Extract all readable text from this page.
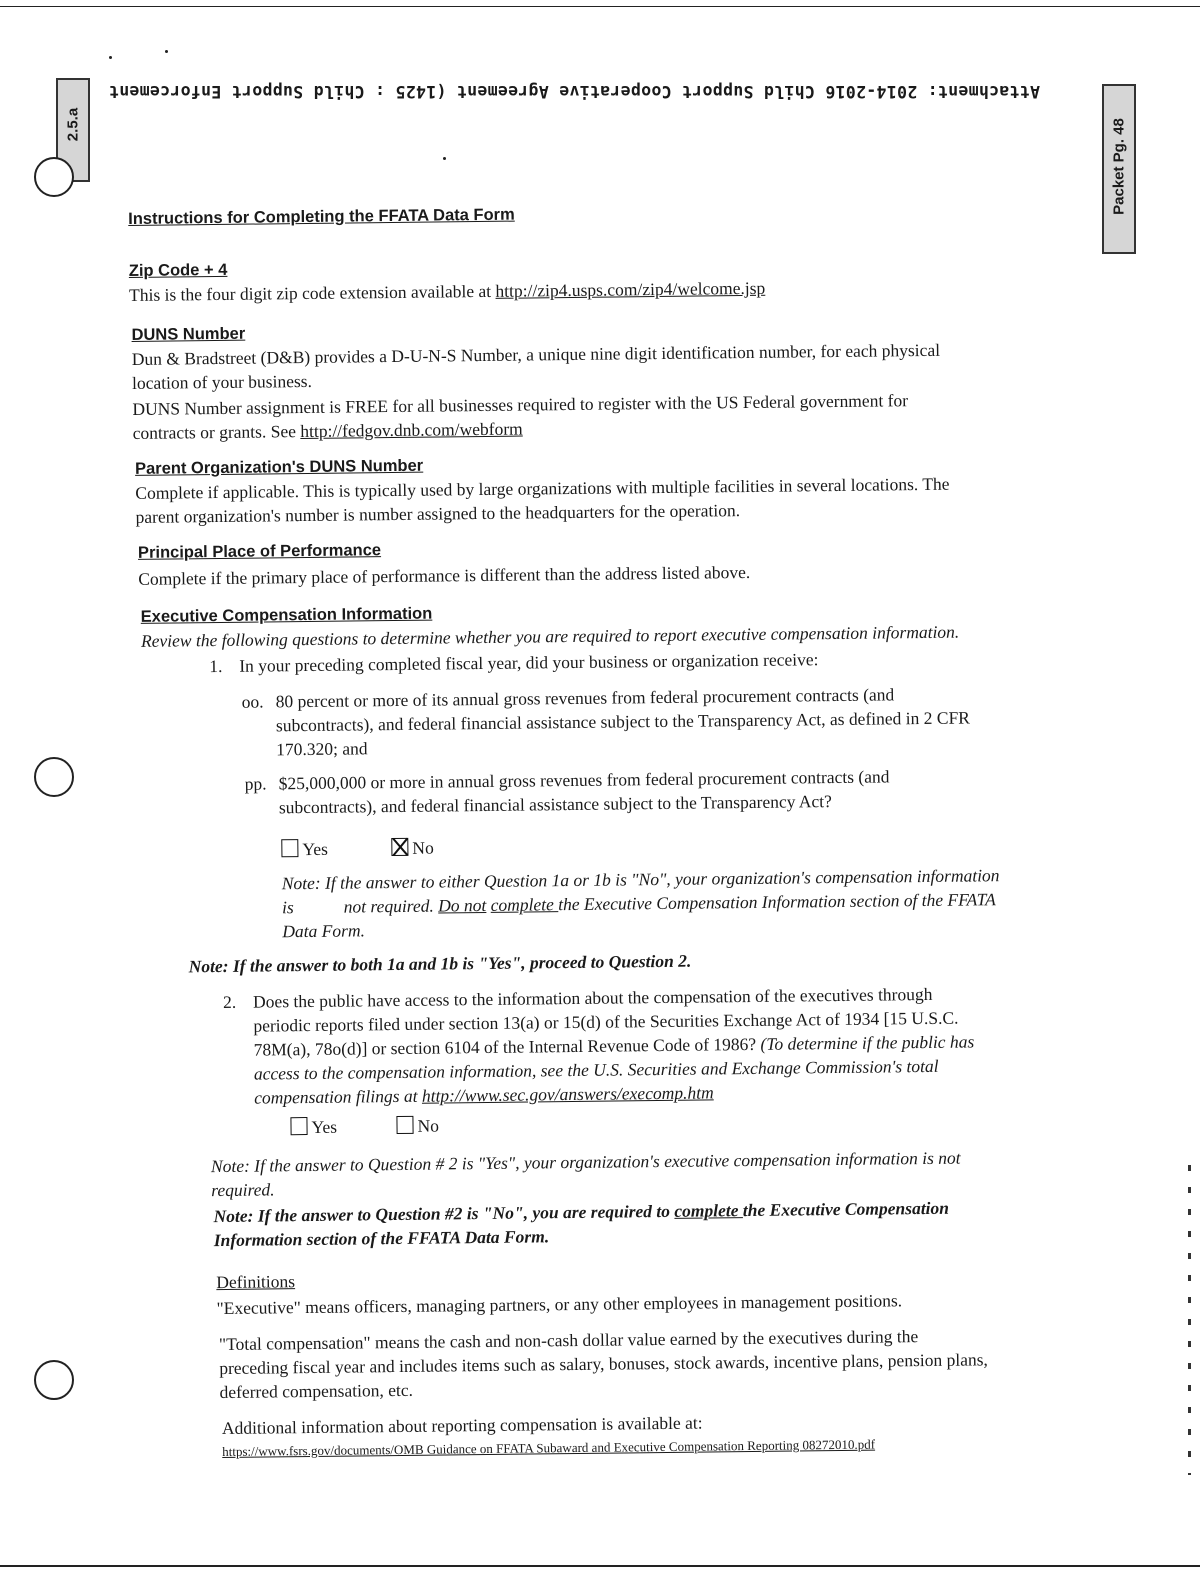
Attachment: 2014-2016 Child Support Cooperative Agreement (1425 : Child Support Enforcement
2.5.a	Packet Pg. 48
Instructions for Completing the FFATA Data Form
Zip Code + 4
This is the four digit zip code extension available at http://zip4.usps.com/zip4/welcome.jsp
DUNS Number
Dun & Bradstreet (D&B) provides a D-U-N-S Number, a unique nine digit identification number, for each physical
location of your business.
DUNS Number assignment is FREE for all businesses required to register with the US Federal government for
contracts or grants. See http://fedgov.dnb.com/webform
Parent Organization's DUNS Number
Complete if applicable. This is typically used by large organizations with multiple facilities in several locations. The
parent organization's number is number assigned to the headquarters for the operation.
Principal Place of Performance
Complete if the primary place of performance is different than the address listed above.
Executive Compensation Information
Review the following questions to determine whether you are required to report executive compensation information.
1. In your preceding completed fiscal year, did your business or organization receive:
oo. 80 percent or more of its annual gross revenues from federal procurement contracts (and
subcontracts), and federal financial assistance subject to the Transparency Act, as defined in 2 CFR
170.320; and
pp. $25,000,000 or more in annual gross revenues from federal procurement contracts (and
subcontracts), and federal financial assistance subject to the Transparency Act?
Yes	No
Note: If the answer to either Question 1a or 1b is "No", your organization's compensation information
is	not required. Do not complete the Executive Compensation Information section of the FFATA
Data Form.
Note: If the answer to both 1a and 1b is "Yes", proceed to Question 2.
2. Does the public have access to the information about the compensation of the executives through
periodic reports filed under section 13(a) or 15(d) of the Securities Exchange Act of 1934 [15 U.S.C.
78M(a), 78o(d)] or section 6104 of the Internal Revenue Code of 1986? (To determine if the public has
access to the compensation information, see the U.S. Securities and Exchange Commission's total
compensation filings at http://www.sec.gov/answers/execomp.htm
Yes	No
Note: If the answer to Question # 2 is "Yes", your organization's executive compensation information is not
required.
Note: If the answer to Question #2 is "No", you are required to complete the Executive Compensation
Information section of the FFATA Data Form.
Definitions
"Executive" means officers, managing partners, or any other employees in management positions.
"Total compensation" means the cash and non-cash dollar value earned by the executives during the
preceding fiscal year and includes items such as salary, bonuses, stock awards, incentive plans, pension plans,
deferred compensation, etc.
Additional information about reporting compensation is available at:
https://www.fsrs.gov/documents/OMB Guidance on FFATA Subaward and Executive Compensation Reporting 08272010.pdf
